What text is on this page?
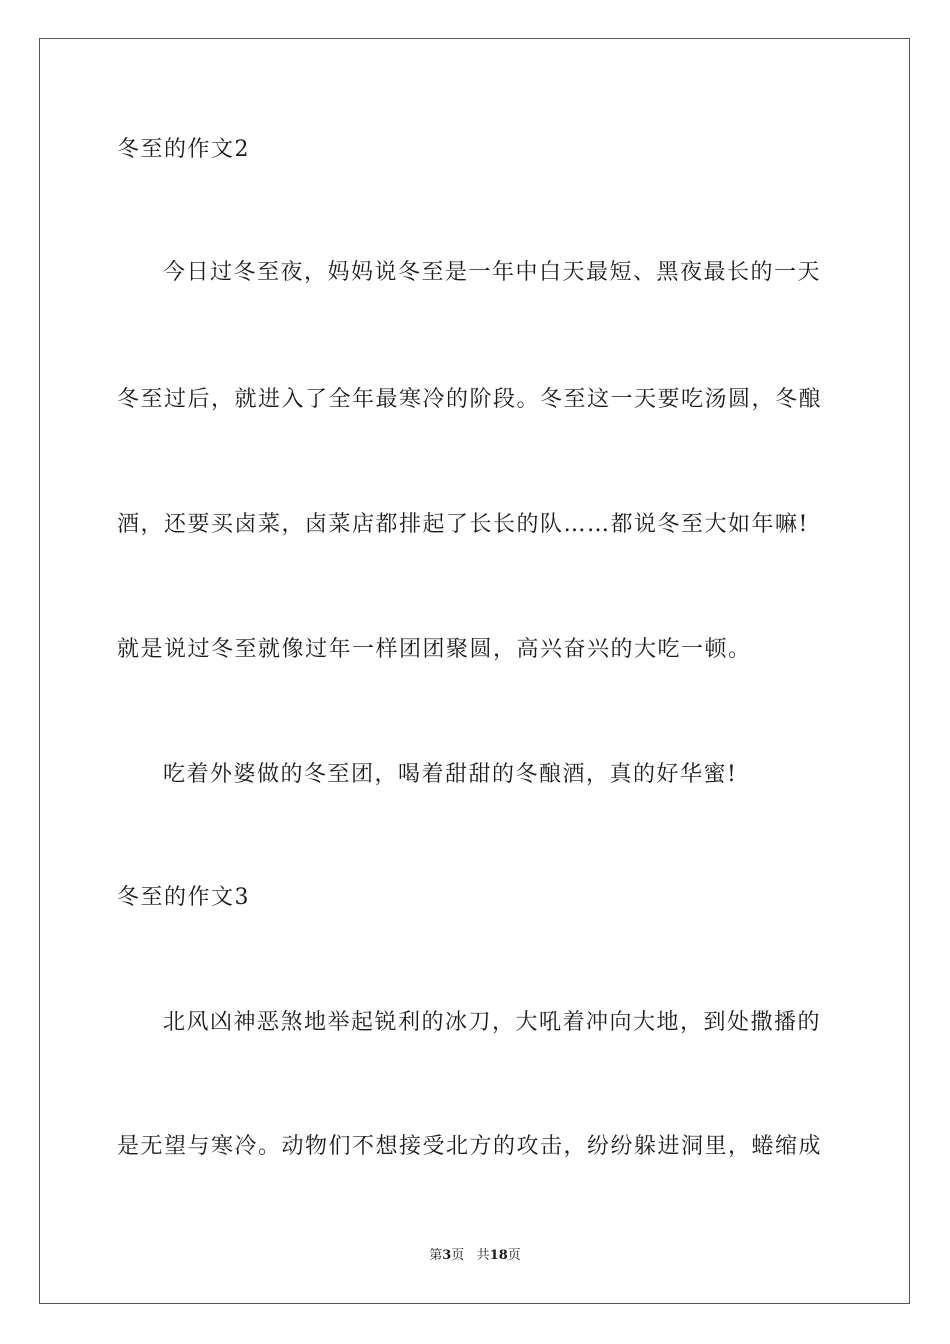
冬至的作文2
今日过冬至夜，妈妈说冬至是一年中白天最短、黑夜最长的一天
冬至过后，就进入了全年最寒冷的阶段。冬至这一天要吃汤圆，冬酿
酒，还要买卤菜，卤菜店都排起了长长的队……都说冬至大如年嘛!
就是说过冬至就像过年一样团团聚圆，高兴奋兴的大吃一顿。
吃着外婆做的冬至团，喝着甜甜的冬酿酒，真的好华蜜!
冬至的作文3
北风凶神恶煞地举起锐利的冰刀，大吼着冲向大地，到处撒播的
是无望与寒冷。动物们不想接受北方的攻击，纷纷躲进洞里，蜷缩成
第3页 共18页
